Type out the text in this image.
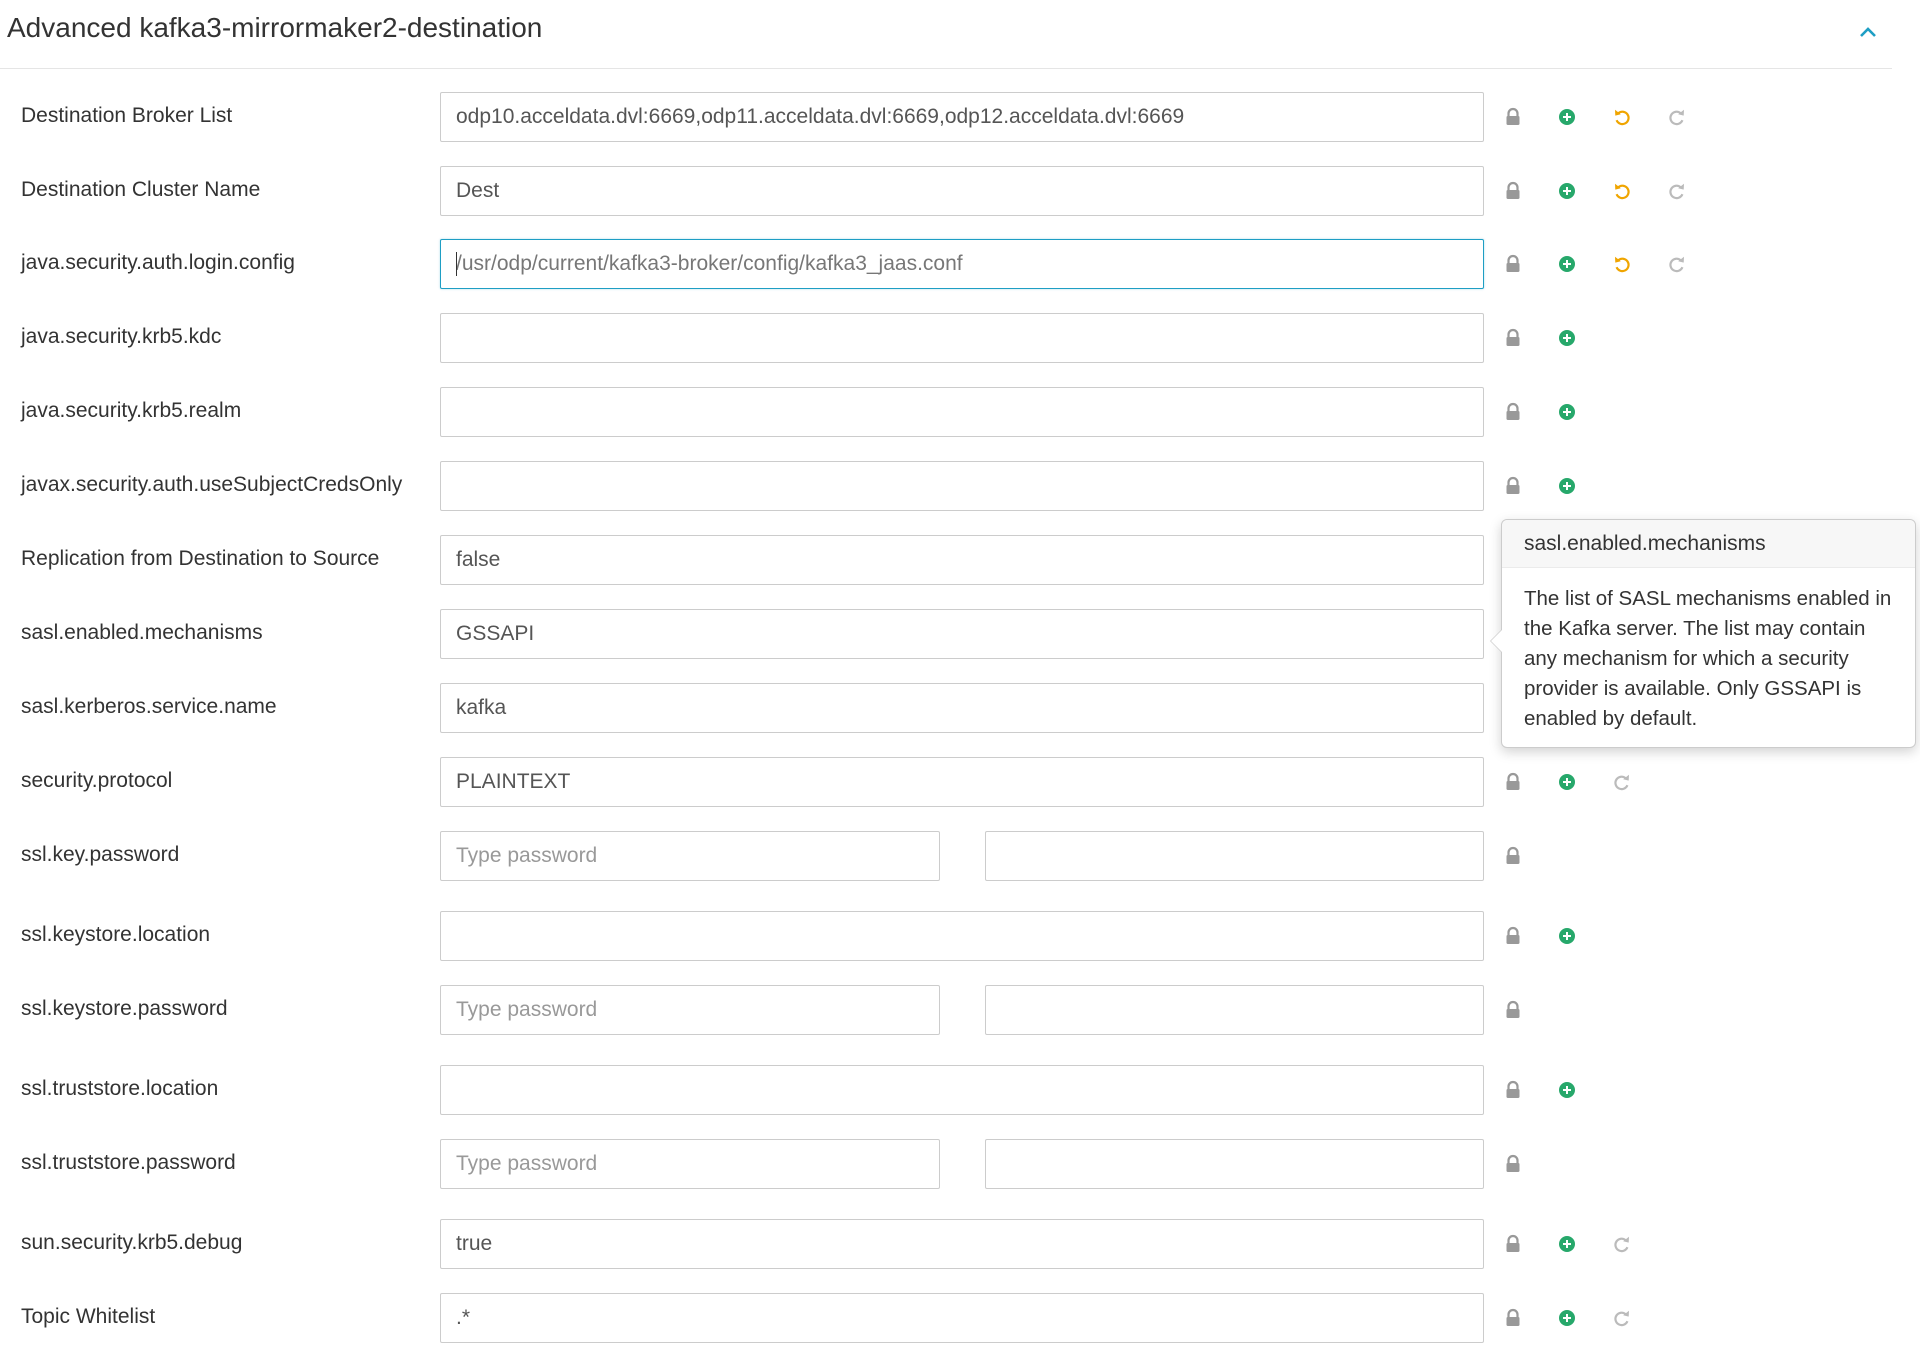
Advanced kafka3-mirrormaker2-destination
Destination Broker List
odp10.acceldata.dvl:6669,odp11.acceldata.dvl:6669,odp12.acceldata.dvl:6669
Destination Cluster Name
Dest
java.security.auth.login.config
/usr/odp/current/kafka3-broker/config/kafka3_jaas.conf
java.security.krb5.kdc
java.security.krb5.realm
javax.security.auth.useSubjectCredsOnly
Replication from Destination to Source
false
sasl.enabled.mechanisms
GSSAPI
sasl.kerberos.service.name
kafka
security.protocol
PLAINTEXT
ssl.key.password
ssl.keystore.location
ssl.keystore.password
ssl.truststore.location
ssl.truststore.password
sun.security.krb5.debug
true
Topic Whitelist
.*
sasl.enabled.mechanisms
The list of SASL mechanisms enabled in the Kafka server. The list may contain any mechanism for which a security provider is available. Only GSSAPI is enabled by default.
